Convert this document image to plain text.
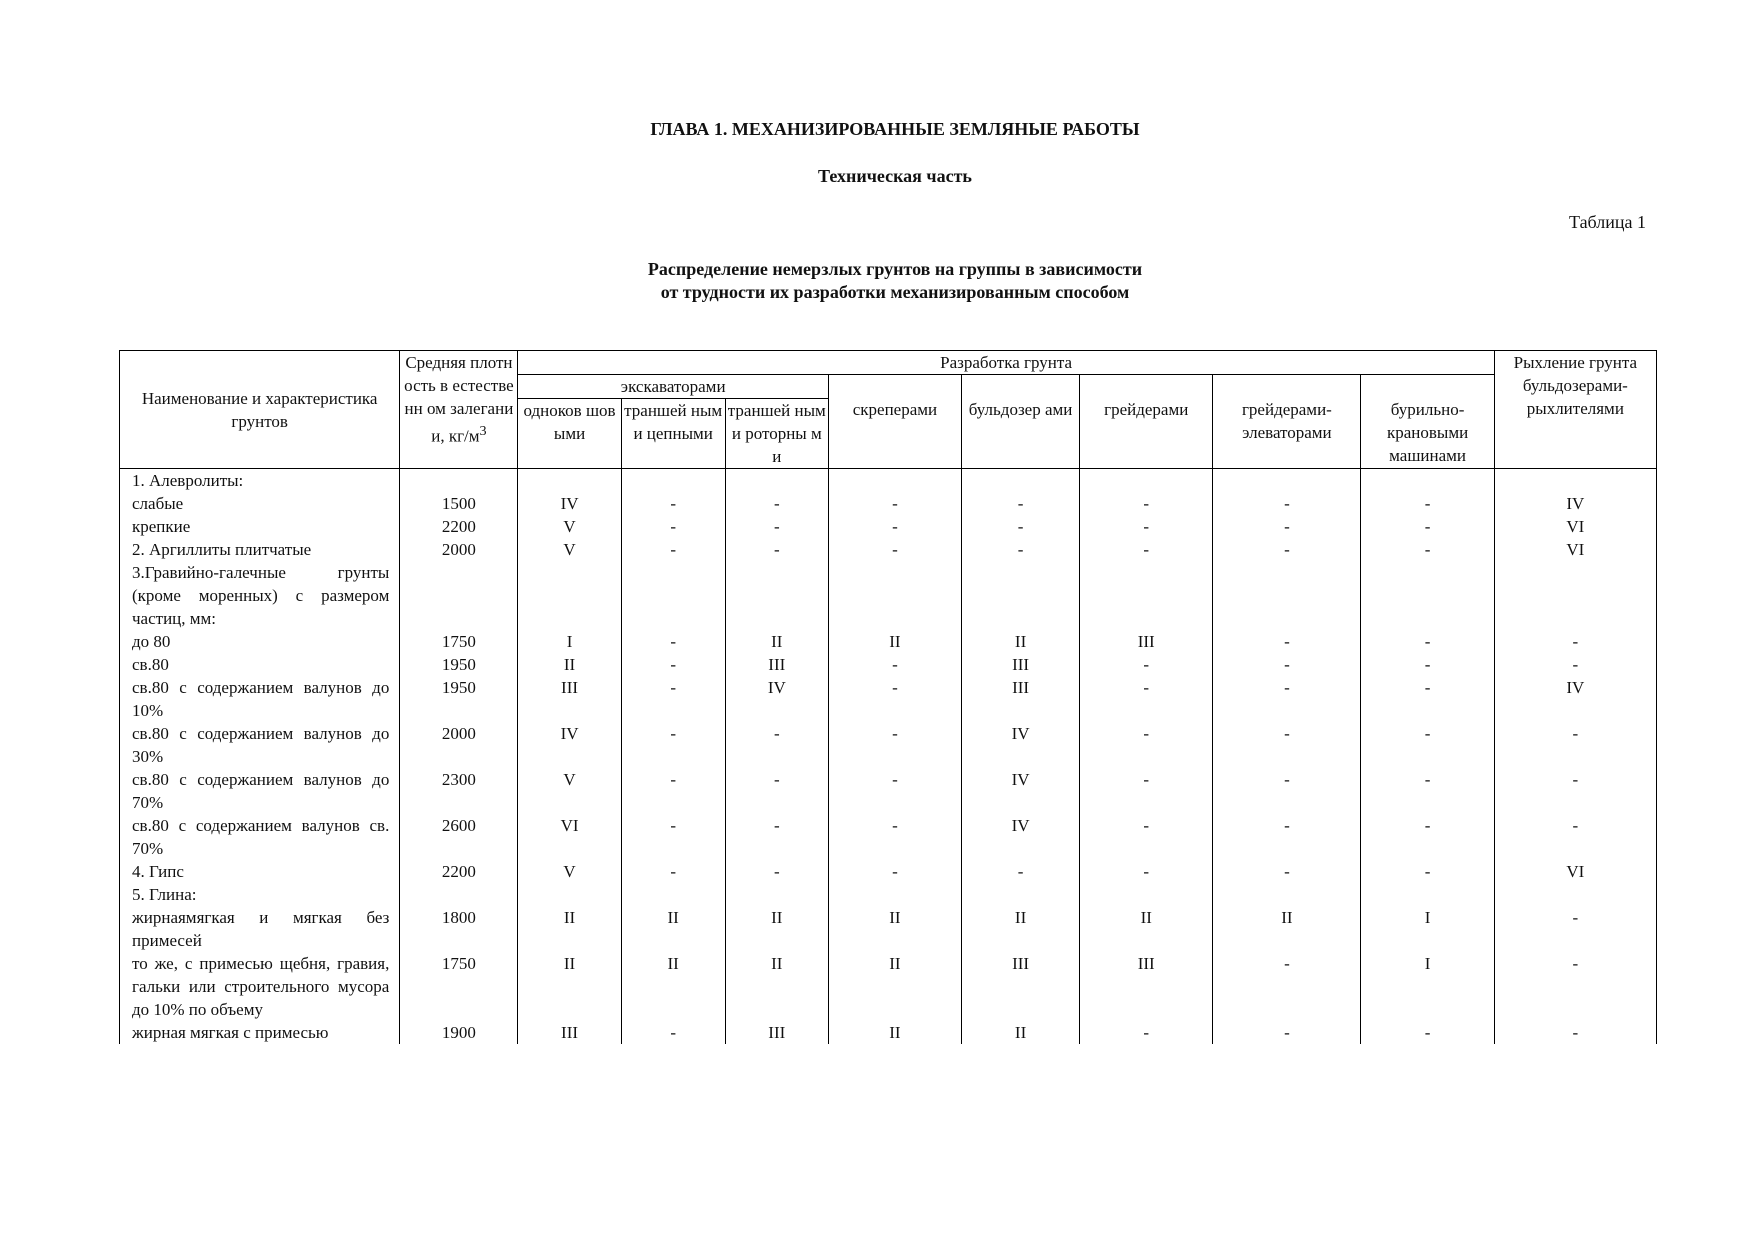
ГЛАВА 1. МЕХАНИЗИРОВАННЫЕ ЗЕМЛЯНЫЕ РАБОТЫ

Техническая часть

Таблица 1
Распределение немерзлых грунтов на группы в зависимости
от трудности их разработки механизированным способом
Наименование и характеристика грунтов	Средняя плотность в естественн ом залегании, $кг/м^3$	Разработка грунта								Рыхление грунта бульдозерами- рыхлителями
		экскаваторами			скреперами	бульдозер ами	грейдерами	грейдерами- элеваторами	бурильно- крановыми машинами	
		одноков шовыми	траншей ными цепными	траншей ными роторны ми						
1. Алевролиты:										
слабые	1500	IV	-	-	-	-	-	-	-	IV
крепкие	2200	V	-	-	-	-	-	-	-	VI
2. Аргиллиты плитчатые	2000	V	-	-	-	-	-	-	-	VI
3.Гравийно-галечные грунты (кроме моренных) с размером частиц, мм:										
до 80	1750	I	-	II	II	II	III	-	-	-
св.80	1950	II	-	III	-	III	-	-	-	-
св.80 с содержанием валунов до 10%	1950	III	-	IV	-	III	-	-	-	IV
св.80 с содержанием валунов до 30%	2000	IV	-	-	-	IV	-	-	-	-
св.80 с содержанием валунов до 70%	2300	V	-	-	-	IV	-	-	-	-
св.80 с содержанием валунов св. 70%	2600	VI	-	-	-	IV	-	-	-	-
4. Гипс	2200	V	-	-	-	-	-	-	-	VI
5. Глина:										
жирнаямягкая и мягкая без примесей	1800	II	II	II	II	II	II	II	I	-
то же, с примесью щебня, гравия, гальки или строительного мусора до 10% по объему	1750	II	II	II	II	III	III	-	I	-
жирная мягкая с примесью	1900	III	-	III	II	II	-	-	-	-
